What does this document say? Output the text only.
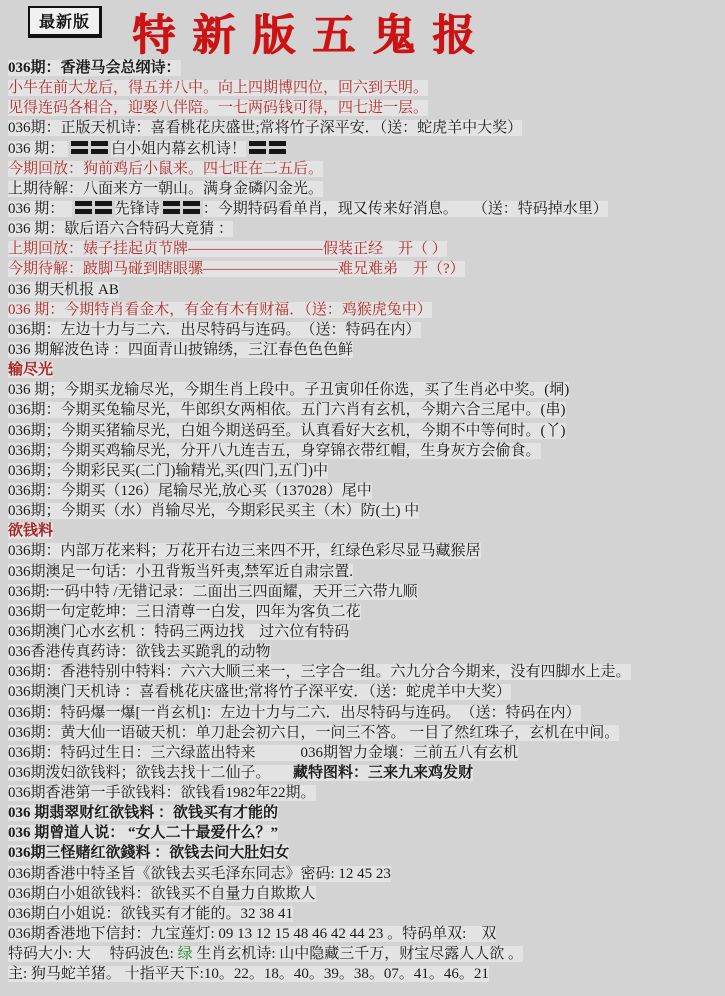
最新版 特新版五鬼报
036期：香港马会总纲诗：
小牛在前大龙后，得五并八中。向上四期博四位，回六到天明。
见得连码各相合，迎娶八伴陪。一七两码钱可得，四七进一层。
036期：正版天机诗：喜看桃花庆盛世;常将竹子深平安．（送：蛇虎羊中大奖）
036 期：	白小姐内幕玄机诗！
今期回放：狗前鸡后小鼠来。四七旺在二五后。
上期待解：八面来方一朝山。满身金磷闪金光。
036 期：　	先锋诗	：今期特码看单肖，现又传来好消息。　　（送：特码掉水里）
036 期：歇后语六合特码大竟猜 ：
上期回放：婊子挂起贞节牌—————————假装正经　开（ ）
今期待解：跛脚马碰到瞎眼骡—————————难兄难弟　开（?）
036 期天机报 AB
036 期：今期特肖看金木，有金有木有财福．（送：鸡猴虎兔中）
036期：左边十力与二六．出尽特码与连码。　（送：特码在内）
036 期解波色诗 ：四面青山披锦绣，三江春色色色鲜
输尽光
036 期；今期买龙输尽光，今期生肖上段中。子丑寅卯任你选，买了生肖必中奖。(垌)
036期：今期买兔输尽光，牛郎织女两相依。五门六肖有玄机，今期六合三尾中。(串)
036期；今期买猪输尽光，白姐今期送码至。认真看好大玄机，今期不中等何时。(丫)
036期；今期买鸡输尽光，分开八九连吉五，身穿锦衣带红帽，生身灰方会偷食。
036期；今期彩民买(二门)输精光,买(四门,五门)中
036期：今期买（126）尾输尽光,放心买（137028）尾中
036期；今期买（水）肖输尽光，今期彩民买主（木）防(土) 中
欲钱料
036期：内部万花来料；万花开右边三来四不开，红绿色彩尽显马藏猴居
036期澳足一句话：小丑背叛当歼夷,禁军近自肃宗置.
036期:一码中特 /无错记录：二面出三四面耀，天开三六带九顺
036期一句定乾坤：三日清尊一白发，四年为客负二花
036期澳门心水玄机 ：特码三两边找　过六位有特码
036香港传真药诗：欲钱去买跪乳的动物
036期：香港特别中特料：六六大顺三来一，三字合一组。六九分合今期来，没有四脚水上走。
036期澳门天机诗 ：喜看桃花庆盛世;常将竹子深平安．（送：蛇虎羊中大奖）
036期：特码爆一爆[一肖玄机]：左边十力与二六．出尽特码与连码。　（送：特码在内）
036期：黄大仙一语破天机：单刀赴会初六日，一问三不答。 一目了然红珠子，玄机在中间。
036期：特码过生日：三六绿蓝出特来　　　036期智力金壤：三前五八有玄机
036期泼妇欲钱料；欲钱去找十二仙子。　　藏特图料：三来九来鸡发财
036期香港第一手欲钱料：欲钱看1982年22期。
036 期翡翠财红欲钱料 ：欲钱买有才能的
036 期曾道人说： “女人二十最爱什么？”
036期三怪赌红欲錢料 ：欲钱去问大肚妇女
036期香港中特圣旨《欲钱去买毛泽东同志》密码: 12 45 23
036期白小姐欲钱料：欲钱买不自量力自欺欺人
036期白小姐说：欲钱买有才能的。32 38 41
036期香港地下信封：九宝莲灯: 09 13 12 15 48 46 42 44 23 。特码单双:　双
特码大小: 大　 特码波色: 绿 生肖玄机诗: 山中隐藏三千万，财宝尽露人人欲 。
主: 狗马蛇羊猪。 十指平天下:10。22。18。40。39。38。07。41。46。21
